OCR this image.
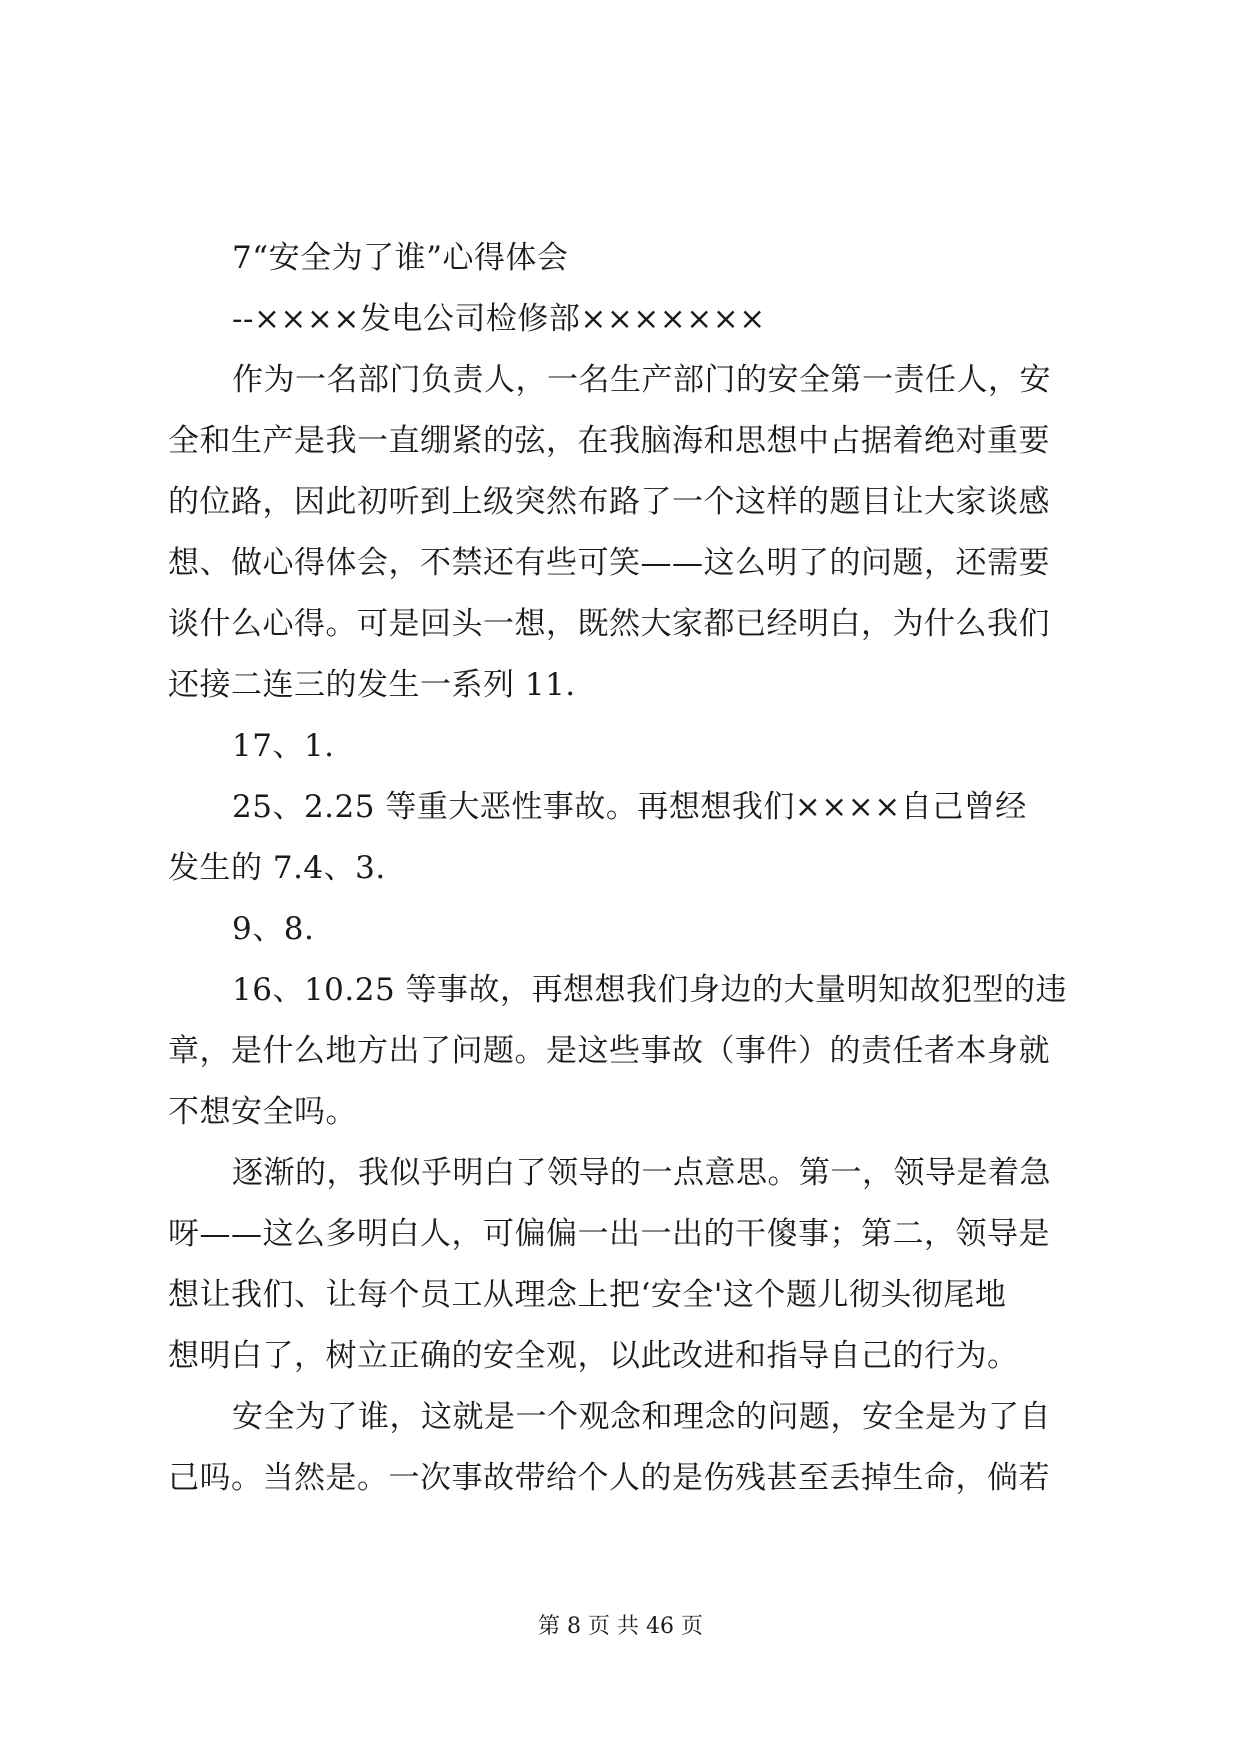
7“安全为了谁”心得体会
--××××发电公司检修部×××××××
作为一名部门负责人，一名生产部门的安全第一责任人，安
全和生产是我一直绷紧的弦，在我脑海和思想中占据着绝对重要
的位路，因此初听到上级突然布路了一个这样的题目让大家谈感
想、做心得体会，不禁还有些可笑——这么明了的问题，还需要
谈什么心得。可是回头一想，既然大家都已经明白，为什么我们
还接二连三的发生一系列 11.
17、1.
25、2.25 等重大恶性事故。再想想我们××××自己曾经
发生的 7.4、3.
9、8.
16、10.25 等事故，再想想我们身边的大量明知故犯型的违
章，是什么地方出了问题。是这些事故（事件）的责任者本身就
不想安全吗。
逐渐的，我似乎明白了领导的一点意思。第一，领导是着急
呀——这么多明白人，可偏偏一出一出的干傻事；第二，领导是
想让我们、让每个员工从理念上把‘安全'这个题儿彻头彻尾地
想明白了，树立正确的安全观，以此改进和指导自己的行为。
安全为了谁，这就是一个观念和理念的问题，安全是为了自
己吗。当然是。一次事故带给个人的是伤残甚至丢掉生命，倘若
第 8 页 共 46 页
